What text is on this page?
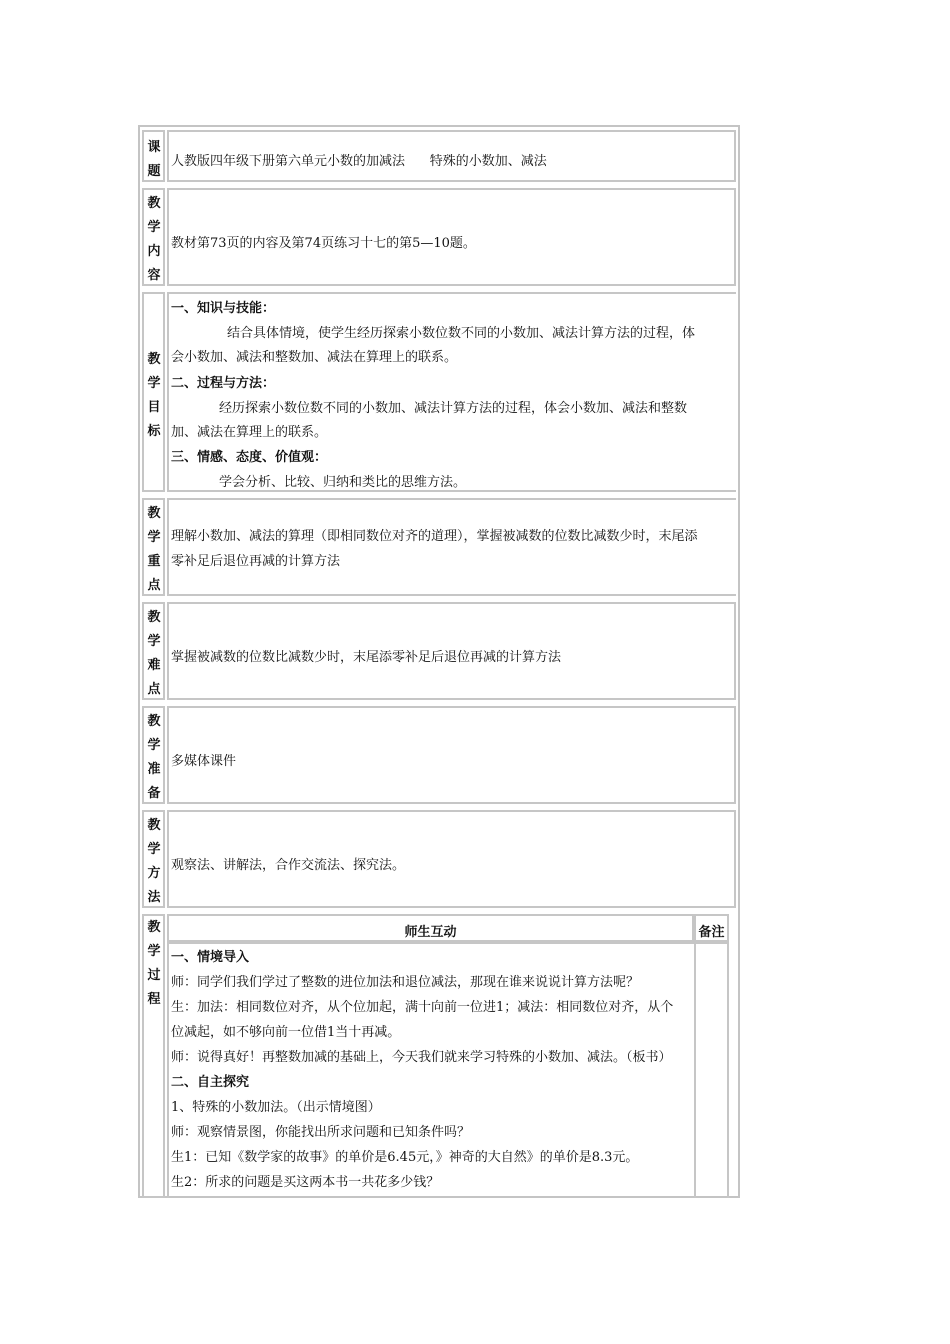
课题
人教版四年级下册第六单元小数的加减法      特殊的小数加、减法
教学内容
教材第73页的内容及第74页练习十七的第5—10题。
教学目标
一、知识与技能：
结合具体情境，使学生经历探索小数位数不同的小数加、减法计算方法的过程，体
会小数加、减法和整数加、减法在算理上的联系。
二、过程与方法：
经历探索小数位数不同的小数加、减法计算方法的过程，体会小数加、减法和整数
加、减法在算理上的联系。
三、情感、态度、价值观：
学会分析、比较、归纳和类比的思维方法。
教学重点
理解小数加、减法的算理（即相同数位对齐的道理），掌握被减数的位数比减数少时，末尾添
零补足后退位再减的计算方法
教学难点
掌握被减数的位数比减数少时，末尾添零补足后退位再减的计算方法
教学准备
多媒体课件
教学方法
观察法、讲解法，合作交流法、探究法。
教学过程
师生互动	备注
一、情境导入
师：同学们我们学过了整数的进位加法和退位减法，那现在谁来说说计算方法呢？
生：加法：相同数位对齐，从个位加起，满十向前一位进1；减法：相同数位对齐，从个
位减起，如不够向前一位借1当十再减。
师：说得真好！再整数加减的基础上，今天我们就来学习特殊的小数加、减法。（板书）
二、自主探究
1、特殊的小数加法。（出示情境图）
师：观察情景图，你能找出所求问题和已知条件吗？
生1：已知《数学家的故事》的单价是6.45元，》神奇的大自然》的单价是8.3元。
生2：所求的问题是买这两本书一共花多少钱？
